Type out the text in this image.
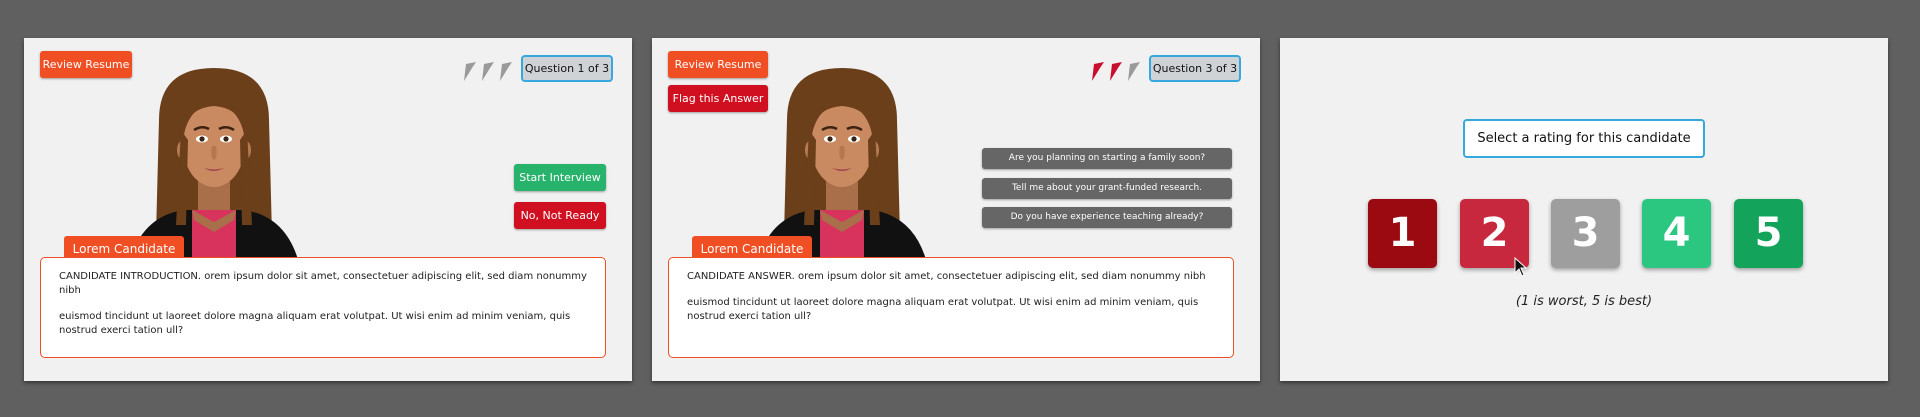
Review Resume	Question 1 of 3
Start Interview
No, Not Ready
Lorem Candidate

CANDIDATE INTRODUCTION. orem ipsum dolor sit amet, consectetuer adipiscing elit, sed diam nonummy nibh

euismod tincidunt ut laoreet dolore magna aliquam erat volutpat. Ut wisi enim ad minim veniam, quis nostrud exerci tation ull?

Review Resume
Flag this Answer
Question 3 of 3
Are you planning on starting a family soon?
Tell me about your grant-funded research.
Do you have experience teaching already?
Lorem Candidate

CANDIDATE ANSWER. orem ipsum dolor sit amet, consectetuer adipiscing elit, sed diam nonummy nibh

euismod tincidunt ut laoreet dolore magna aliquam erat volutpat. Ut wisi enim ad minim veniam, quis nostrud exerci tation ull?

Select a rating for this candidate
1	2	3	4	5
(1 is worst, 5 is best)
